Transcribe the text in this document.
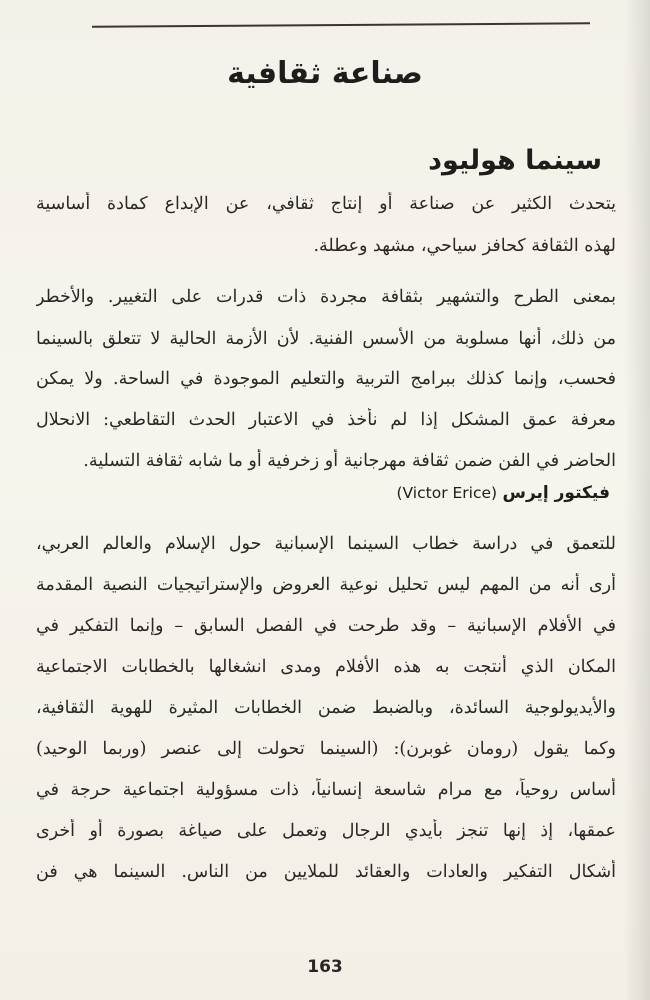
صناعة ثقافية
سينما هوليود
يتحدث الكثير عن صناعة أو إنتاج ثقافي، عن الإبداع كمادة أساسية
لهذه الثقافة كحافز سياحي، مشهد وعطلة.
بمعنى الطرح والتشهير بثقافة مجردة ذات قدرات على التغيير. والأخطر
من ذلك، أنها مسلوبة من الأسس الفنية. لأن الأزمة الحالية لا تتعلق بالسينما
فحسب، وإنما كذلك ببرامج التربية والتعليم الموجودة في الساحة. ولا يمكن
معرفة عمق المشكل إذا لم نأخذ في الاعتبار الحدث التقاطعي: الانحلال
الحاضر في الفن ضمن ثقافة مهرجانية أو زخرفية أو ما شابه ثقافة التسلية.
فيكتور إيرس (Victor Erice)
للتعمق في دراسة خطاب السينما الإسبانية حول الإسلام والعالم العربي،
أرى أنه من المهم ليس تحليل نوعية العروض والإستراتيجيات النصية المقدمة
في الأفلام الإسبانية – وقد طرحت في الفصل السابق – وإنما التفكير في
المكان الذي أنتجت به هذه الأفلام ومدى انشغالها بالخطابات الاجتماعية
والأيديولوجية السائدة، وبالضبط ضمن الخطابات المثيرة للهوية الثقافية،
وكما يقول (رومان غوبرن): (السينما تحولت إلى عنصر (وربما الوحيد)
أساس روحياً، مع مرام شاسعة إنسانياً، ذات مسؤولية اجتماعية حرجة في
عمقها، إذ إنها تنجز بأيدي الرجال وتعمل على صياغة بصورة أو أخرى
أشكال التفكير والعادات والعقائد للملايين من الناس. السينما هي فن
163
